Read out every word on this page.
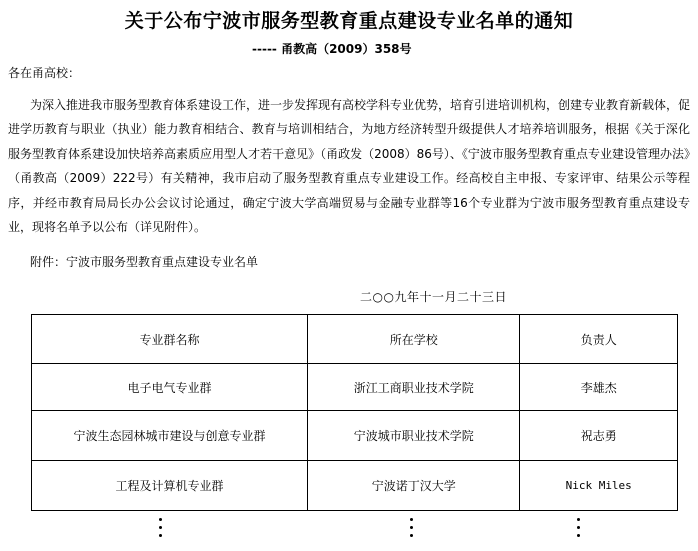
关于公布宁波市服务型教育重点建设专业名单的通知
----- 甬教高（2009）358号
各在甬高校：
为深入推进我市服务型教育体系建设工作，进一步发挥现有高校学科专业优势，培育引进培训机构，创建专业教育新载体，促进学历教育与职业（执业）能力教育相结合、教育与培训相结合，为地方经济转型升级提供人才培养培训服务，根据《关于深化服务型教育体系建设加快培养高素质应用型人才若干意见》（甬政发（2008）86号）、《宁波市服务型教育重点专业建设管理办法》（甬教高（2009）222号）有关精神，我市启动了服务型教育重点专业建设工作。经高校自主申报、专家评审、结果公示等程序，并经市教育局局长办公会议讨论通过，确定宁波大学高端贸易与金融专业群等16个专业群为宁波市服务型教育重点建设专业，现将名单予以公布（详见附件）。
附件：宁波市服务型教育重点建设专业名单
二○○九年十一月二十三日
专业群名称	所在学校	负责人
电子电气专业群	浙江工商职业技术学院	李雄杰
宁波生态园林城市建设与创意专业群	宁波城市职业技术学院	祝志勇
工程及计算机专业群	宁波诺丁汉大学	Nick Miles
